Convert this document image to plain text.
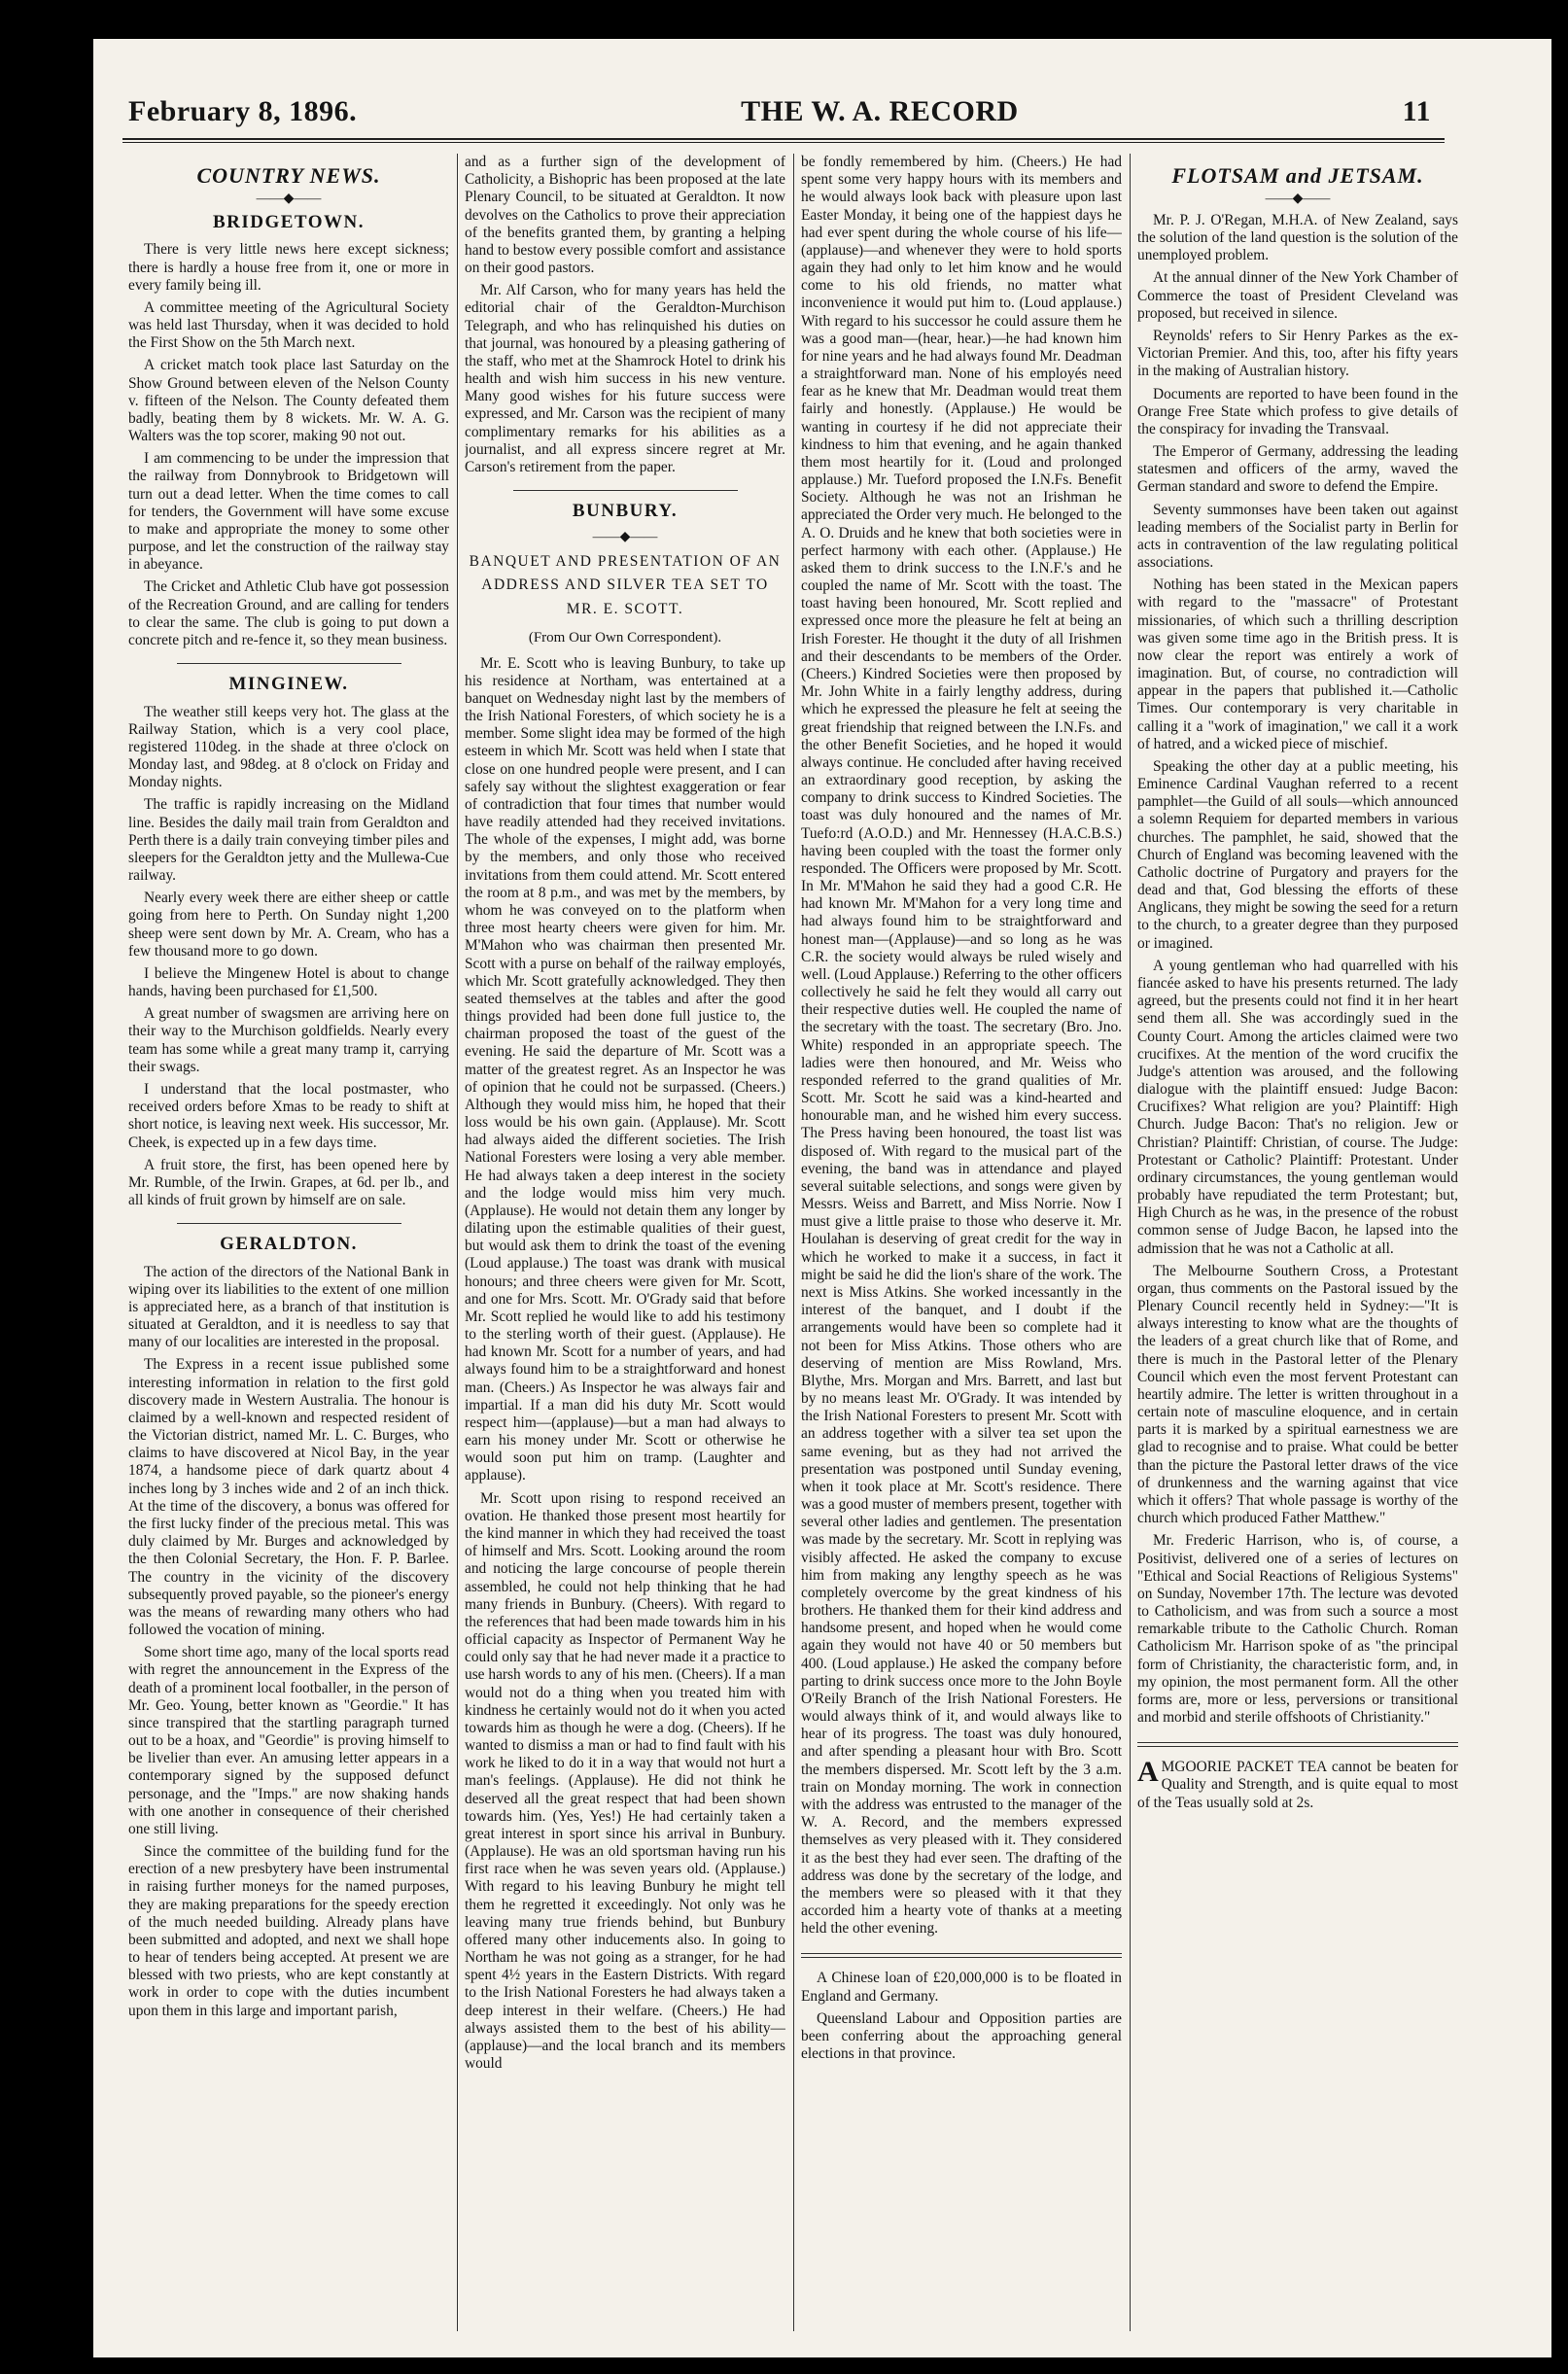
February 8, 1896.	THE W. A. RECORD	11
COUNTRY NEWS.
——◆——
BRIDGETOWN.

There is very little news here except sickness; there is hardly a house free from it, one or more in every family being ill.

A committee meeting of the Agricultural Society was held last Thursday, when it was decided to hold the First Show on the 5th March next.

A cricket match took place last Saturday on the Show Ground between eleven of the Nelson County v. fifteen of the Nelson. The County defeated them badly, beating them by 8 wickets. Mr. W. A. G. Walters was the top scorer, making 90 not out.

I am commencing to be under the impression that the railway from Donnybrook to Bridgetown will turn out a dead letter. When the time comes to call for tenders, the Government will have some excuse to make and appropriate the money to some other purpose, and let the construction of the railway stay in abeyance.

The Cricket and Athletic Club have got possession of the Recreation Ground, and are calling for tenders to clear the same. The club is going to put down a concrete pitch and re-fence it, so they mean business.

MINGINEW.

The weather still keeps very hot. The glass at the Railway Station, which is a very cool place, registered 110deg. in the shade at three o'clock on Monday last, and 98deg. at 8 o'clock on Friday and Monday nights.

The traffic is rapidly increasing on the Midland line. Besides the daily mail train from Geraldton and Perth there is a daily train conveying timber piles and sleepers for the Geraldton jetty and the Mullewa-Cue railway.

Nearly every week there are either sheep or cattle going from here to Perth. On Sunday night 1,200 sheep were sent down by Mr. A. Cream, who has a few thousand more to go down.

I believe the Mingenew Hotel is about to change hands, having been purchased for £1,500.

A great number of swagsmen are arriving here on their way to the Murchison goldfields. Nearly every team has some while a great many tramp it, carrying their swags.

I understand that the local postmaster, who received orders before Xmas to be ready to shift at short notice, is leaving next week. His successor, Mr. Cheek, is expected up in a few days time.

A fruit store, the first, has been opened here by Mr. Rumble, of the Irwin. Grapes, at 6d. per lb., and all kinds of fruit grown by himself are on sale.

GERALDTON.

The action of the directors of the National Bank in wiping over its liabilities to the extent of one million is appreciated here, as a branch of that institution is situated at Geraldton, and it is needless to say that many of our localities are interested in the proposal.

The Express in a recent issue published some interesting information in relation to the first gold discovery made in Western Australia. The honour is claimed by a well-known and respected resident of the Victorian district, named Mr. L. C. Burges, who claims to have discovered at Nicol Bay, in the year 1874, a handsome piece of dark quartz about 4 inches long by 3 inches wide and 2 of an inch thick. At the time of the discovery, a bonus was offered for the first lucky finder of the precious metal. This was duly claimed by Mr. Burges and acknowledged by the then Colonial Secretary, the Hon. F. P. Barlee. The country in the vicinity of the discovery subsequently proved payable, so the pioneer's energy was the means of rewarding many others who had followed the vocation of mining.

Some short time ago, many of the local sports read with regret the announcement in the Express of the death of a prominent local footballer, in the person of Mr. Geo. Young, better known as "Geordie." It has since transpired that the startling paragraph turned out to be a hoax, and "Geordie" is proving himself to be livelier than ever. An amusing letter appears in a contemporary signed by the supposed defunct personage, and the "Imps." are now shaking hands with one another in consequence of their cherished one still living.

Since the committee of the building fund for the erection of a new presbytery have been instrumental in raising further moneys for the named purposes, they are making preparations for the speedy erection of the much needed building. Already plans have been submitted and adopted, and next we shall hope to hear of tenders being accepted. At present we are blessed with two priests, who are kept constantly at work in order to cope with the duties incumbent upon them in this large and important parish,

and as a further sign of the development of Catholicity, a Bishopric has been proposed at the late Plenary Council, to be situated at Geraldton. It now devolves on the Catholics to prove their appreciation of the benefits granted them, by granting a helping hand to bestow every possible comfort and assistance on their good pastors.

Mr. Alf Carson, who for many years has held the editorial chair of the Geraldton-Murchison Telegraph, and who has relinquished his duties on that journal, was honoured by a pleasing gathering of the staff, who met at the Shamrock Hotel to drink his health and wish him success in his new venture. Many good wishes for his future success were expressed, and Mr. Carson was the recipient of many complimentary remarks for his abilities as a journalist, and all express sincere regret at Mr. Carson's retirement from the paper.

BUNBURY.
——◆——
BANQUET AND PRESENTATION OF AN ADDRESS AND SILVER TEA SET TO MR. E. SCOTT.
(From Our Own Correspondent).

Mr. E. Scott who is leaving Bunbury, to take up his residence at Northam, was entertained at a banquet on Wednesday night last by the members of the Irish National Foresters, of which society he is a member. Some slight idea may be formed of the high esteem in which Mr. Scott was held when I state that close on one hundred people were present, and I can safely say without the slightest exaggeration or fear of contradiction that four times that number would have readily attended had they received invitations. The whole of the expenses, I might add, was borne by the members, and only those who received invitations from them could attend. Mr. Scott entered the room at 8 p.m., and was met by the members, by whom he was conveyed on to the platform when three most hearty cheers were given for him. Mr. M'Mahon who was chairman then presented Mr. Scott with a purse on behalf of the railway employés, which Mr. Scott gratefully acknowledged. They then seated themselves at the tables and after the good things provided had been done full justice to, the chairman proposed the toast of the guest of the evening. He said the departure of Mr. Scott was a matter of the greatest regret. As an Inspector he was of opinion that he could not be surpassed. (Cheers.) Although they would miss him, he hoped that their loss would be his own gain. (Applause). Mr. Scott had always aided the different societies. The Irish National Foresters were losing a very able member. He had always taken a deep interest in the society and the lodge would miss him very much. (Applause). He would not detain them any longer by dilating upon the estimable qualities of their guest, but would ask them to drink the toast of the evening (Loud applause.) The toast was drank with musical honours; and three cheers were given for Mr. Scott, and one for Mrs. Scott. Mr. O'Grady said that before Mr. Scott replied he would like to add his testimony to the sterling worth of their guest. (Applause). He had known Mr. Scott for a number of years, and had always found him to be a straightforward and honest man. (Cheers.) As Inspector he was always fair and impartial. If a man did his duty Mr. Scott would respect him—(applause)—but a man had always to earn his money under Mr. Scott or otherwise he would soon put him on tramp. (Laughter and applause).

Mr. Scott upon rising to respond received an ovation. He thanked those present most heartily for the kind manner in which they had received the toast of himself and Mrs. Scott. Looking around the room and noticing the large concourse of people therein assembled, he could not help thinking that he had many friends in Bunbury. (Cheers). With regard to the references that had been made towards him in his official capacity as Inspector of Permanent Way he could only say that he had never made it a practice to use harsh words to any of his men. (Cheers). If a man would not do a thing when you treated him with kindness he certainly would not do it when you acted towards him as though he were a dog. (Cheers). If he wanted to dismiss a man or had to find fault with his work he liked to do it in a way that would not hurt a man's feelings. (Applause). He did not think he deserved all the great respect that had been shown towards him. (Yes, Yes!) He had certainly taken a great interest in sport since his arrival in Bunbury. (Applause). He was an old sportsman having run his first race when he was seven years old. (Applause.) With regard to his leaving Bunbury he might tell them he regretted it exceedingly. Not only was he leaving many true friends behind, but Bunbury offered many other inducements also. In going to Northam he was not going as a stranger, for he had spent 4½ years in the Eastern Districts. With regard to the Irish National Foresters he had always taken a deep interest in their welfare. (Cheers.) He had always assisted them to the best of his ability—(applause)—and the local branch and its members would

be fondly remembered by him. (Cheers.) He had spent some very happy hours with its members and he would always look back with pleasure upon last Easter Monday, it being one of the happiest days he had ever spent during the whole course of his life—(applause)—and whenever they were to hold sports again they had only to let him know and he would come to his old friends, no matter what inconvenience it would put him to. (Loud applause.) With regard to his successor he could assure them he was a good man—(hear, hear.)—he had known him for nine years and he had always found Mr. Deadman a straightforward man. None of his employés need fear as he knew that Mr. Deadman would treat them fairly and honestly. (Applause.) He would be wanting in courtesy if he did not appreciate their kindness to him that evening, and he again thanked them most heartily for it. (Loud and prolonged applause.) Mr. Tueford proposed the I.N.Fs. Benefit Society. Although he was not an Irishman he appreciated the Order very much. He belonged to the A. O. Druids and he knew that both societies were in perfect harmony with each other. (Applause.) He asked them to drink success to the I.N.F.'s and he coupled the name of Mr. Scott with the toast. The toast having been honoured, Mr. Scott replied and expressed once more the pleasure he felt at being an Irish Forester. He thought it the duty of all Irishmen and their descendants to be members of the Order. (Cheers.) Kindred Societies were then proposed by Mr. John White in a fairly lengthy address, during which he expressed the pleasure he felt at seeing the great friendship that reigned between the I.N.Fs. and the other Benefit Societies, and he hoped it would always continue. He concluded after having received an extraordinary good reception, by asking the company to drink success to Kindred Societies. The toast was duly honoured and the names of Mr. Tuefo:rd (A.O.D.) and Mr. Hennessey (H.A.C.B.S.) having been coupled with the toast the former only responded. The Officers were proposed by Mr. Scott. In Mr. M'Mahon he said they had a good C.R. He had known Mr. M'Mahon for a very long time and had always found him to be straightforward and honest man—(Applause)—and so long as he was C.R. the society would always be ruled wisely and well. (Loud Applause.) Referring to the other officers collectively he said he felt they would all carry out their respective duties well. He coupled the name of the secretary with the toast. The secretary (Bro. Jno. White) responded in an appropriate speech. The ladies were then honoured, and Mr. Weiss who responded referred to the grand qualities of Mr. Scott. Mr. Scott he said was a kind-hearted and honourable man, and he wished him every success. The Press having been honoured, the toast list was disposed of. With regard to the musical part of the evening, the band was in attendance and played several suitable selections, and songs were given by Messrs. Weiss and Barrett, and Miss Norrie. Now I must give a little praise to those who deserve it. Mr. Houlahan is deserving of great credit for the way in which he worked to make it a success, in fact it might be said he did the lion's share of the work. The next is Miss Atkins. She worked incessantly in the interest of the banquet, and I doubt if the arrangements would have been so complete had it not been for Miss Atkins. Those others who are deserving of mention are Miss Rowland, Mrs. Blythe, Mrs. Morgan and Mrs. Barrett, and last but by no means least Mr. O'Grady. It was intended by the Irish National Foresters to present Mr. Scott with an address together with a silver tea set upon the same evening, but as they had not arrived the presentation was postponed until Sunday evening, when it took place at Mr. Scott's residence. There was a good muster of members present, together with several other ladies and gentlemen. The presentation was made by the secretary. Mr. Scott in replying was visibly affected. He asked the company to excuse him from making any lengthy speech as he was completely overcome by the great kindness of his brothers. He thanked them for their kind address and handsome present, and hoped when he would come again they would not have 40 or 50 members but 400. (Loud applause.) He asked the company before parting to drink success once more to the John Boyle O'Reily Branch of the Irish National Foresters. He would always think of it, and would always like to hear of its progress. The toast was duly honoured, and after spending a pleasant hour with Bro. Scott the members dispersed. Mr. Scott left by the 3 a.m. train on Monday morning. The work in connection with the address was entrusted to the manager of the W. A. Record, and the members expressed themselves as very pleased with it. They considered it as the best they had ever seen. The drafting of the address was done by the secretary of the lodge, and the members were so pleased with it that they accorded him a hearty vote of thanks at a meeting held the other evening.

A Chinese loan of £20,000,000 is to be floated in England and Germany.

Queensland Labour and Opposition parties are been conferring about the approaching general elections in that province.

FLOTSAM and JETSAM.
——◆——

Mr. P. J. O'Regan, M.H.A. of New Zealand, says the solution of the land question is the solution of the unemployed problem.

At the annual dinner of the New York Chamber of Commerce the toast of President Cleveland was proposed, but received in silence.

Reynolds' refers to Sir Henry Parkes as the ex-Victorian Premier. And this, too, after his fifty years in the making of Australian history.

Documents are reported to have been found in the Orange Free State which profess to give details of the conspiracy for invading the Transvaal.

The Emperor of Germany, addressing the leading statesmen and officers of the army, waved the German standard and swore to defend the Empire.

Seventy summonses have been taken out against leading members of the Socialist party in Berlin for acts in contravention of the law regulating political associations.

Nothing has been stated in the Mexican papers with regard to the "massacre" of Protestant missionaries, of which such a thrilling description was given some time ago in the British press. It is now clear the report was entirely a work of imagination. But, of course, no contradiction will appear in the papers that published it.—Catholic Times. Our contemporary is very charitable in calling it a "work of imagination," we call it a work of hatred, and a wicked piece of mischief.

Speaking the other day at a public meeting, his Eminence Cardinal Vaughan referred to a recent pamphlet—the Guild of all souls—which announced a solemn Requiem for departed members in various churches. The pamphlet, he said, showed that the Church of England was becoming leavened with the Catholic doctrine of Purgatory and prayers for the dead and that, God blessing the efforts of these Anglicans, they might be sowing the seed for a return to the church, to a greater degree than they purposed or imagined.

A young gentleman who had quarrelled with his fiancée asked to have his presents returned. The lady agreed, but the presents could not find it in her heart send them all. She was accordingly sued in the County Court. Among the articles claimed were two crucifixes. At the mention of the word crucifix the Judge's attention was aroused, and the following dialogue with the plaintiff ensued: Judge Bacon: Crucifixes? What religion are you? Plaintiff: High Church. Judge Bacon: That's no religion. Jew or Christian? Plaintiff: Christian, of course. The Judge: Protestant or Catholic? Plaintiff: Protestant. Under ordinary circumstances, the young gentleman would probably have repudiated the term Protestant; but, High Church as he was, in the presence of the robust common sense of Judge Bacon, he lapsed into the admission that he was not a Catholic at all.

The Melbourne Southern Cross, a Protestant organ, thus comments on the Pastoral issued by the Plenary Council recently held in Sydney:—"It is always interesting to know what are the thoughts of the leaders of a great church like that of Rome, and there is much in the Pastoral letter of the Plenary Council which even the most fervent Protestant can heartily admire. The letter is written throughout in a certain note of masculine eloquence, and in certain parts it is marked by a spiritual earnestness we are glad to recognise and to praise. What could be better than the picture the Pastoral letter draws of the vice of drunkenness and the warning against that vice which it offers? That whole passage is worthy of the church which produced Father Matthew."

Mr. Frederic Harrison, who is, of course, a Positivist, delivered one of a series of lectures on "Ethical and Social Reactions of Religious Systems" on Sunday, November 17th. The lecture was devoted to Catholicism, and was from such a source a most remarkable tribute to the Catholic Church. Roman Catholicism Mr. Harrison spoke of as "the principal form of Christianity, the characteristic form, and, in my opinion, the most permanent form. All the other forms are, more or less, perversions or transitional and morbid and sterile offshoots of Christianity."

AMGOORIE PACKET TEA cannot be beaten for Quality and Strength, and is quite equal to most of the Teas usually sold at 2s.
